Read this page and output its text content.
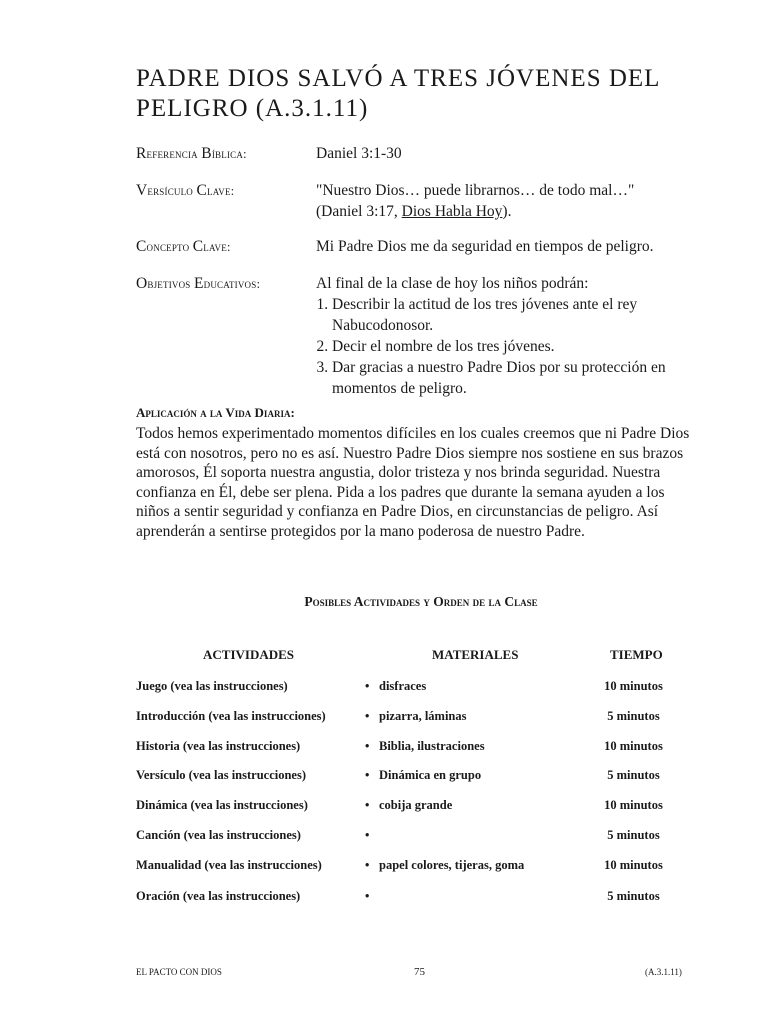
PADRE DIOS SALVÓ A TRES JÓVENES DEL PELIGRO (A.3.1.11)
Referencia Bíblica:	Daniel 3:1-30
Versículo Clave:	"Nuestro Dios… puede librarnos… de todo mal…"
(Daniel 3:17, Dios Habla Hoy).
Concepto Clave:	Mi Padre Dios me da seguridad en tiempos de peligro.
Objetivos Educativos:	Al final de la clase de hoy los niños podrán:
1. Describir la actitud de los tres jóvenes ante el rey Nabucodonosor.
2. Decir el nombre de los tres jóvenes.
3. Dar gracias a nuestro Padre Dios por su protección en momentos de peligro.
Aplicación a la Vida Diaria:
Todos hemos experimentado momentos difíciles en los cuales creemos que ni Padre Dios está con nosotros, pero no es así. Nuestro Padre Dios siempre nos sostiene en sus brazos amorosos, Él soporta nuestra angustia, dolor tristeza y nos brinda seguridad. Nuestra confianza en Él, debe ser plena. Pida a los padres que durante la semana ayuden a los niños a sentir seguridad y confianza en Padre Dios, en circunstancias de peligro. Así aprenderán a sentirse protegidos por la mano poderosa de nuestro Padre.
Posibles Actividades y Orden de la Clase
ACTIVIDADES	MATERIALES	TIEMPO
Juego (vea las instrucciones)	• disfraces	10 minutos
Introducción (vea las instrucciones)	• pizarra, láminas	5 minutos
Historia (vea las instrucciones)	• Biblia, ilustraciones	10 minutos
Versículo (vea las instrucciones)	• Dinámica en grupo	5 minutos
Dinámica (vea las instrucciones)	• cobija grande	10 minutos
Canción (vea las instrucciones)	•	5 minutos
Manualidad (vea las instrucciones)	• papel colores, tijeras, goma	10 minutos
Oración (vea las instrucciones)	•	5 minutos
EL PACTO CON DIOS	75	(A.3.1.11)
